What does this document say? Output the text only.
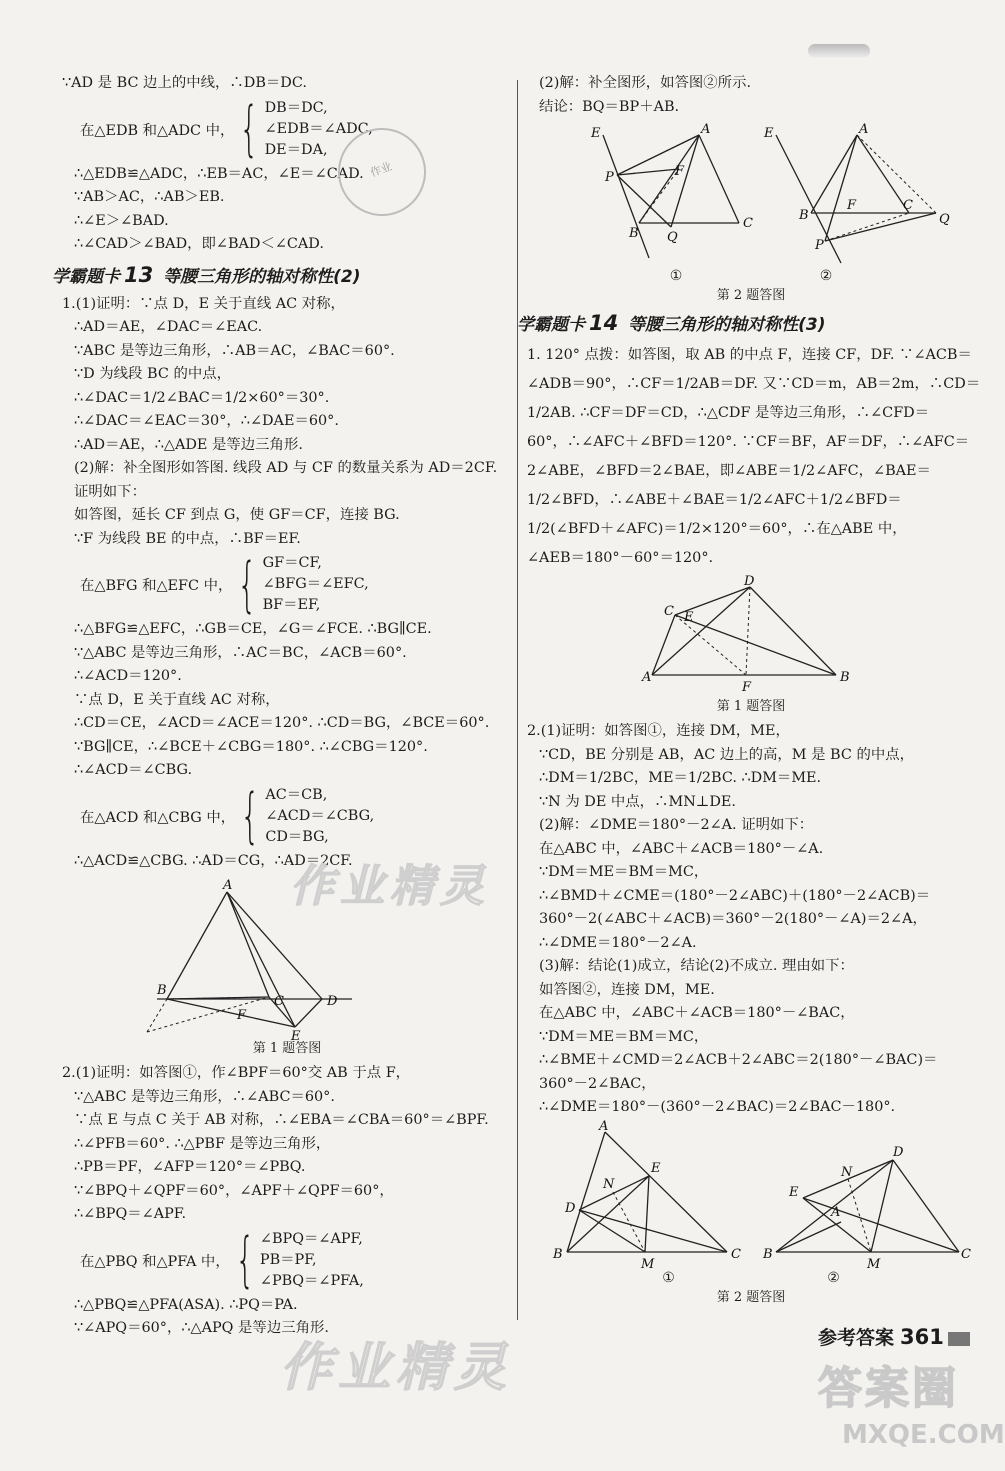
∵AD 是 BC 边上的中线，∴DB＝DC.

在△EDB 和△ADC 中， { DB＝DC,

∠EDB＝∠ADC,

DE＝DA,

∴△EDB≌△ADC，∴EB＝AC，∠E＝∠CAD.

∵AB＞AC，∴AB＞EB.

∴∠E＞∠BAD.

∴∠CAD＞∠BAD，即∠BAD＜∠CAD.

学霸题卡 13 等腰三角形的轴对称性(2)

1.(1)证明：∵点 D，E 关于直线 AC 对称，

∴AD＝AE，∠DAC＝∠EAC.

∵ABC 是等边三角形，∴AB＝AC，∠BAC＝60°.

∵D 为线段 BC 的中点，

∴∠DAC＝1/2∠BAC＝1/2×60°＝30°.

∴∠DAC＝∠EAC＝30°，∴∠DAE＝60°.

∴AD＝AE，∴△ADE 是等边三角形.

(2)解：补全图形如答图. 线段 AD 与 CF 的数量关系为 AD＝2CF.

证明如下：

如答图，延长 CF 到点 G，使 GF＝CF，连接 BG.

∵F 为线段 BE 的中点，∴BF＝EF.

在△BFG 和△EFC 中， { GF＝CF,

∠BFG＝∠EFC,

BF＝EF,

∴△BFG≌△EFC，∴GB＝CE，∠G＝∠FCE. ∴BG∥CE.

∵△ABC 是等边三角形，∴AC＝BC，∠ACB＝60°.

∴∠ACD＝120°.

∵点 D，E 关于直线 AC 对称，

∴CD＝CE，∠ACD＝∠ACE＝120°. ∴CD＝BG，∠BCE＝60°.

∵BG∥CE，∴∠BCE＋∠CBG＝180°. ∴∠CBG＝120°.

∴∠ACD＝∠CBG.

在△ACD 和△CBG 中， { AC＝CB,

∠ACD＝∠CBG,

CD＝BG,

∴△ACD≌△CBG. ∴AD＝CG，∴AD＝2CF.

A
B
C	D
E
F

第 1 题答图

2.(1)证明：如答图①，作∠BPF＝60°交 AB 于点 F，

∵△ABC 是等边三角形，∴∠ABC＝60°.

∵点 E 与点 C 关于 AB 对称，∴∠EBA＝∠CBA＝60°＝∠BPF.

∴∠PFB＝60°. ∴△PBF 是等边三角形，

∴PB＝PF，∠AFP＝120°＝∠PBQ.

∵∠BPQ＋∠QPF＝60°，∠APF＋∠QPF＝60°，

∴∠BPQ＝∠APF.

在△PBQ 和△PFA 中， { ∠BPQ＝∠APF,

PB＝PF,

∠PBQ＝∠PFA,

∴△PBQ≌△PFA(ASA). ∴PQ＝PA.

∵∠APQ＝60°，∴△APQ 是等边三角形.

(2)解：补全图形，如答图②所示.

结论：BQ＝BP＋AB.

E	A
F
P
B Q
C
E	A
F
B
P
C
Q
①	②

第 2 题答图

学霸题卡 14 等腰三角形的轴对称性(3)

1. 120° 点拨：如答图，取 AB 的中点 F，连接 CF，DF. ∵∠ACB＝

∠ADB＝90°，∴CF＝1/2AB＝DF. 又∵CD＝m，AB＝2m，∴CD＝

1/2AB. ∴CF＝DF＝CD，∴△CDF 是等边三角形，∴∠CFD＝

60°，∴∠AFC＋∠BFD＝120°. ∵CF＝BF，AF＝DF，∴∠AFC＝

2∠ABE，∠BFD＝2∠BAE，即∠ABE＝1/2∠AFC，∠BAE＝

1/2∠BFD，∴∠ABE＋∠BAE＝1/2∠AFC＋1/2∠BFD＝

1/2(∠BFD＋∠AFC)＝1/2×120°＝60°，∴在△ABE 中，

∠AEB＝180°－60°＝120°.

D
C E
A	B
F

第 1 题答图

2.(1)证明：如答图①，连接 DM，ME，

∵CD，BE 分别是 AB，AC 边上的高，M 是 BC 的中点，

∴DM＝1/2BC，ME＝1/2BC. ∴DM＝ME.

∵N 为 DE 中点，∴MN⊥DE.

(2)解：∠DME＝180°－2∠A. 证明如下：

在△ABC 中，∠ABC＋∠ACB＝180°－∠A.

∵DM＝ME＝BM＝MC，

∴∠BMD＋∠CME＝(180°－2∠ABC)＋(180°－2∠ACB)＝

360°－2(∠ABC＋∠ACB)＝360°－2(180°－∠A)＝2∠A，

∴∠DME＝180°－2∠A.

(3)解：结论(1)成立，结论(2)不成立. 理由如下：

如答图②，连接 DM，ME.

在△ABC 中，∠ABC＋∠ACB＝180°－∠BAC，

∵DM＝ME＝BM＝MC，

∴∠BME＋∠CMD＝2∠ACB＋2∠ABC＝2(180°－∠BAC)＝

360°－2∠BAC，

∴∠DME＝180°－(360°－2∠BAC)＝2∠BAC－180°.

A
E
N
D
B
M
C
D
N
E
A
B
M
C
①	②

第 2 题答图

作业
作业精灵
作业精灵	参考答案 361
答案圈
MXQE.COM
